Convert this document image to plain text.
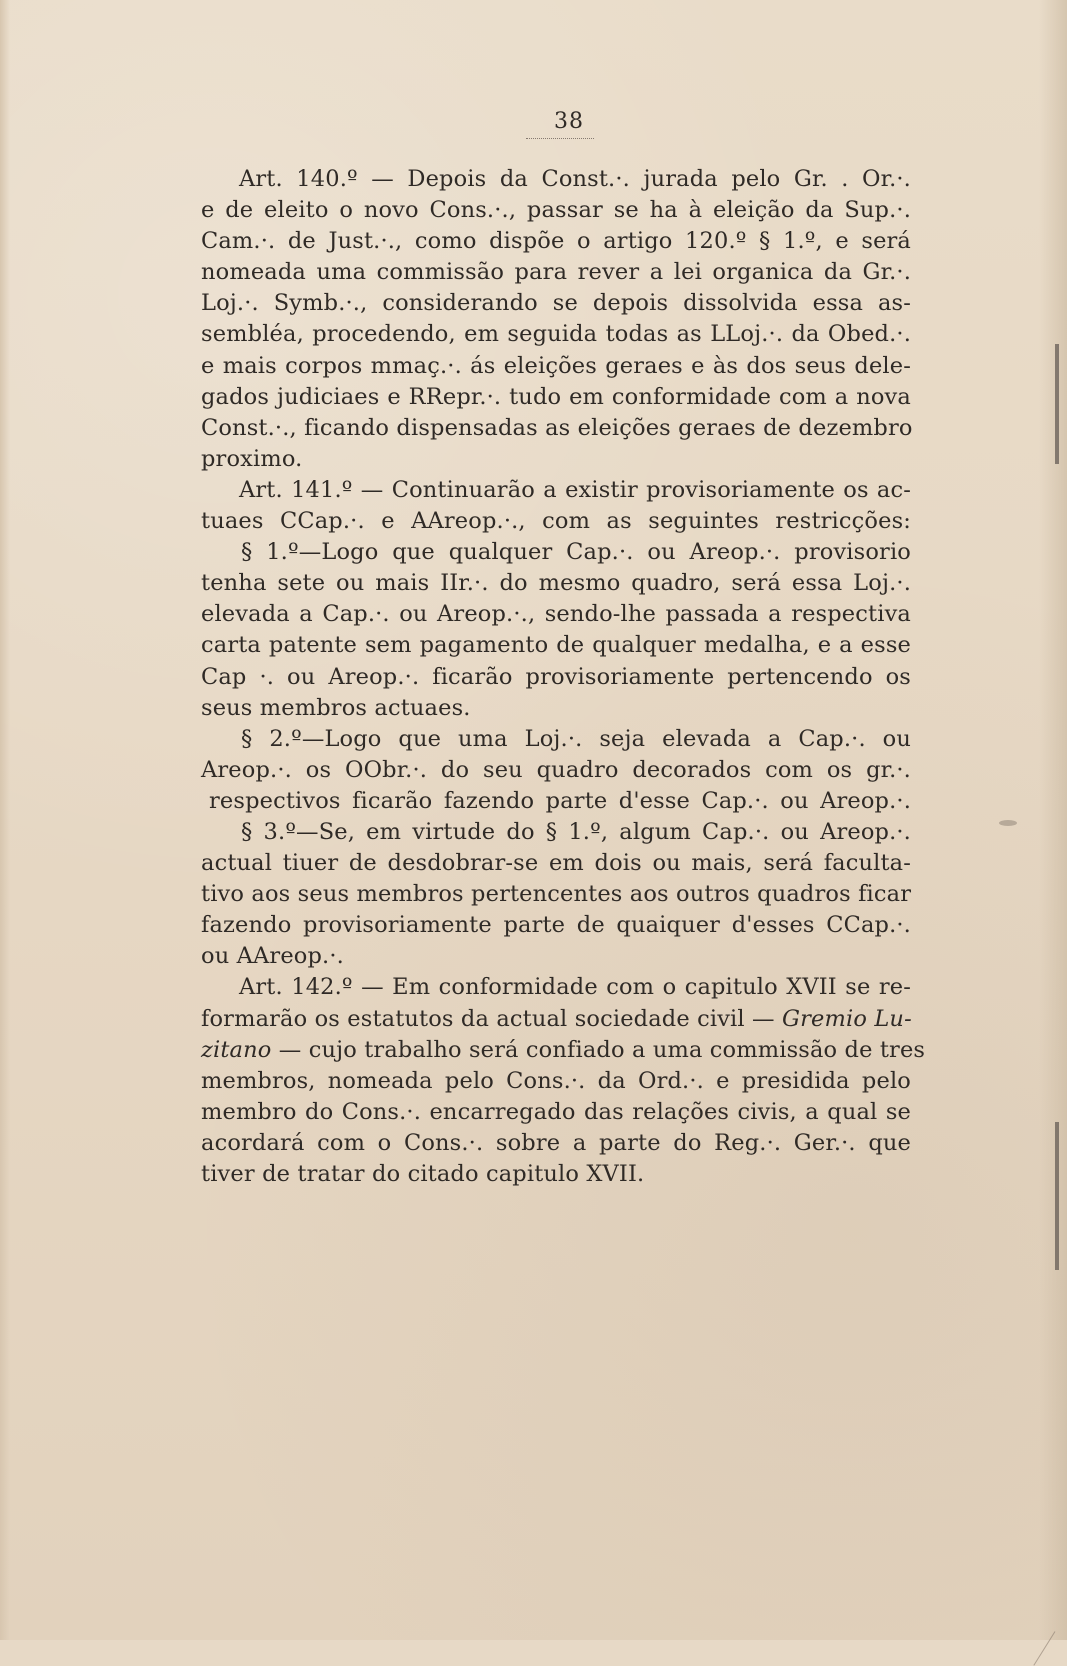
38
Art. 140.º — Depois da Const.·. jurada pelo Gr. . Or.·.
e de eleito o novo Cons.·., passar se ha à eleição da Sup.·.
Cam.·. de Just.·., como dispõe o artigo 120.º § 1.º, e será
nomeada uma commissão para rever a lei organica da Gr.·.
Loj.·. Symb.·., considerando se depois dissolvida essa as-
sembléa, procedendo, em seguida todas as LLoj.·. da Obed.·.
e mais corpos mmaç.·. ás eleições geraes e às dos seus dele-
gados judiciaes e RRepr.·. tudo em conformidade com a nova
Const.·., ficando dispensadas as eleições geraes de dezembro
proximo.
Art. 141.º — Continuarão a existir provisoriamente os ac-
tuaes CCap.·. e AAreop.·., com as seguintes restricções:
§ 1.º—Logo que qualquer Cap.·. ou Areop.·. provisorio
tenha sete ou mais IIr.·. do mesmo quadro, será essa Loj.·.
elevada a Cap.·. ou Areop.·., sendo-lhe passada a respectiva
carta patente sem pagamento de qualquer medalha, e a esse
Cap ·. ou Areop.·. ficarão provisoriamente pertencendo os
seus membros actuaes.
§ 2.º—Logo que uma Loj.·. seja elevada a Cap.·. ou
Areop.·. os OObr.·. do seu quadro decorados com os gr.·.
respectivos ficarão fazendo parte d'esse Cap.·. ou Areop.·.
§ 3.º—Se, em virtude do § 1.º, algum Cap.·. ou Areop.·.
actual tiuer de desdobrar-se em dois ou mais, será faculta-
tivo aos seus membros pertencentes aos outros quadros ficar
fazendo provisoriamente parte de quaiquer d'esses CCap.·.
ou AAreop.·.
Art. 142.º — Em conformidade com o capitulo XVII se re-
formarão os estatutos da actual sociedade civil — Gremio Lu-
zitano — cujo trabalho será confiado a uma commissão de tres
membros, nomeada pelo Cons.·. da Ord.·. e presidida pelo
membro do Cons.·. encarregado das relações civis, a qual se
acordará com o Cons.·. sobre a parte do Reg.·. Ger.·. que
tiver de tratar do citado capitulo XVII.
